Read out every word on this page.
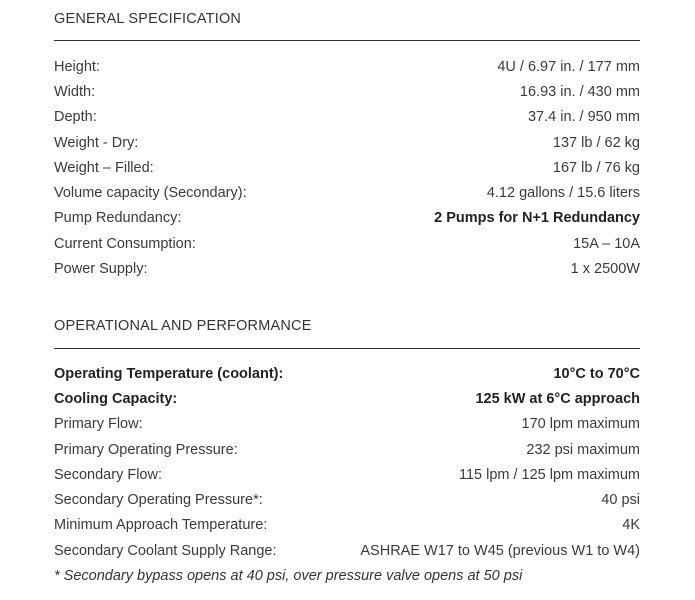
GENERAL SPECIFICATION
Height:	4U / 6.97 in. / 177 mm
Width:	16.93 in. / 430 mm
Depth:	37.4 in. / 950 mm
Weight - Dry:	137 lb / 62 kg
Weight – Filled:	167 lb / 76 kg
Volume capacity (Secondary):	4.12 gallons / 15.6 liters
Pump Redundancy:	2 Pumps for N+1 Redundancy
Current Consumption:	15A – 10A
Power Supply:	1 x 2500W
OPERATIONAL AND PERFORMANCE
Operating Temperature (coolant):	10°C to 70°C
Cooling Capacity:	125 kW at 6°C approach
Primary Flow:	170 lpm maximum
Primary Operating Pressure:	232 psi maximum
Secondary Flow:	115 lpm / 125 lpm maximum
Secondary Operating Pressure*:	40 psi
Minimum Approach Temperature:	4K
Secondary Coolant Supply Range:	ASHRAE W17 to W45 (previous W1 to W4)
* Secondary bypass opens at 40 psi, over pressure valve opens at 50 psi
